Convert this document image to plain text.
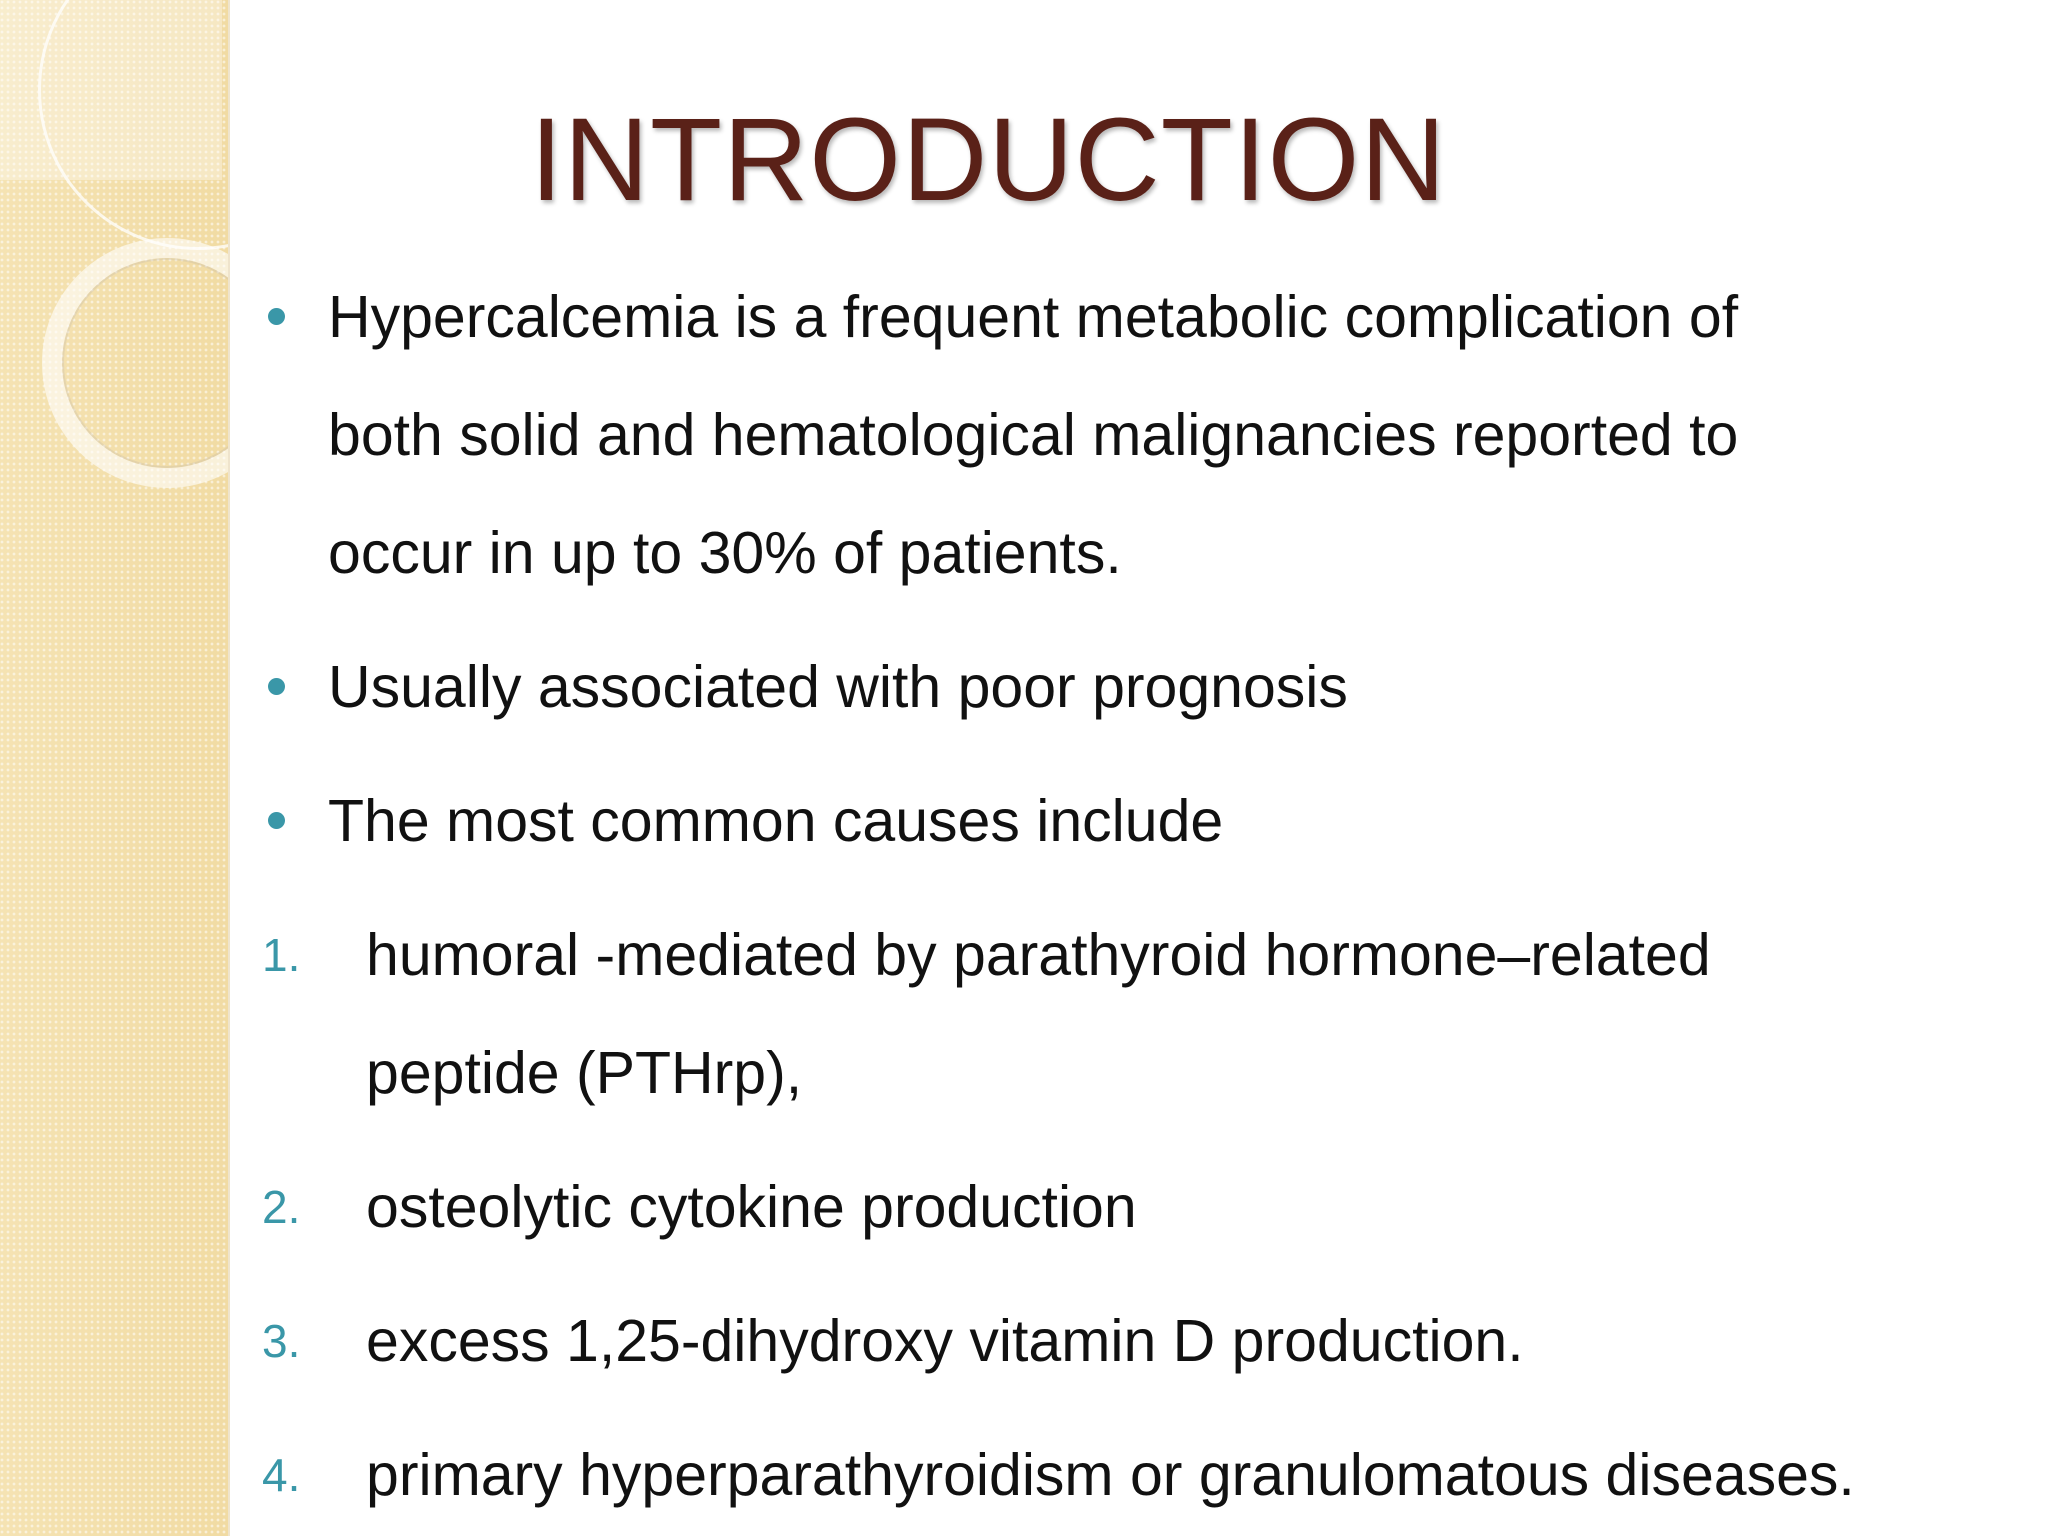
INTRODUCTION
Hypercalcemia is a frequent metabolic complication of
both solid and hematological malignancies reported to
occur in up to 30% of patients.
Usually associated with poor prognosis
The most common causes include
1. humoral -mediated by parathyroid hormone–related
peptide (PTHrp),
2. osteolytic cytokine production
3. excess 1,25-dihydroxy vitamin D production.
4. primary hyperparathyroidism or granulomatous diseases.
